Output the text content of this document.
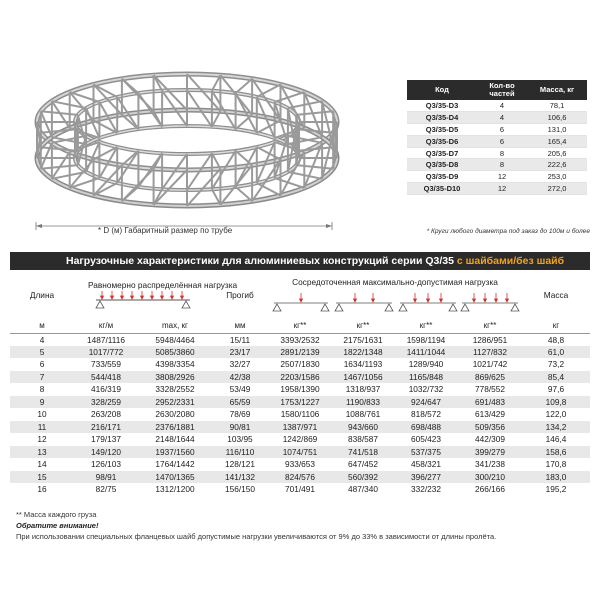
* D (м) Габаритный размер по трубе
Код	Кол-во частей	Масса, кг
Q3/35-D3	4	78,1
Q3/35-D4	4	106,6
Q3/35-D5	6	131,0
Q3/35-D6	6	165,4
Q3/35-D7	8	205,6
Q3/35-D8	8	222,6
Q3/35-D9	12	253,0
Q3/35-D10	12	272,0
* Круги любого диаметра под заказ до 100м и более
Нагрузочные характеристики для алюминиевых конструкций серии Q3/35 с шайбами/без шайб
Длина	Равномерно распределённая нагрузка		Прогиб	Сосредоточенная максимально-допустимая нагрузка				Масса
м	кг/м	max, кг	мм	кг**	кг**	кг**	кг**	кг
4	1487/1116	5948/4464	15/11	3393/2532	2175/1631	1598/1194	1286/951	48,8
5	1017/772	5085/3860	23/17	2891/2139	1822/1348	1411/1044	1127/832	61,0
6	733/559	4398/3354	32/27	2507/1830	1634/1193	1289/940	1021/742	73,2
7	544/418	3808/2926	42/38	2203/1586	1467/1056	1165/848	869/625	85,4
8	416/319	3328/2552	53/49	1958/1390	1318/937	1032/732	778/552	97,6
9	328/259	2952/2331	65/59	1753/1227	1190/833	924/647	691/483	109,8
10	263/208	2630/2080	78/69	1580/1106	1088/761	818/572	613/429	122,0
11	216/171	2376/1881	90/81	1387/971	943/660	698/488	509/356	134,2
12	179/137	2148/1644	103/95	1242/869	838/587	605/423	442/309	146,4
13	149/120	1937/1560	116/110	1074/751	741/518	537/375	399/279	158,6
14	126/103	1764/1442	128/121	933/653	647/452	458/321	341/238	170,8
15	98/91	1470/1365	141/132	824/576	560/392	396/277	300/210	183,0
16	82/75	1312/1200	156/150	701/491	487/340	332/232	266/166	195,2
** Масса каждого груза
Обратите внимание!
При использовании специальных фланцевых шайб допустимые нагрузки увеличиваются от 9% до 33% в зависимости от длины пролёта.
